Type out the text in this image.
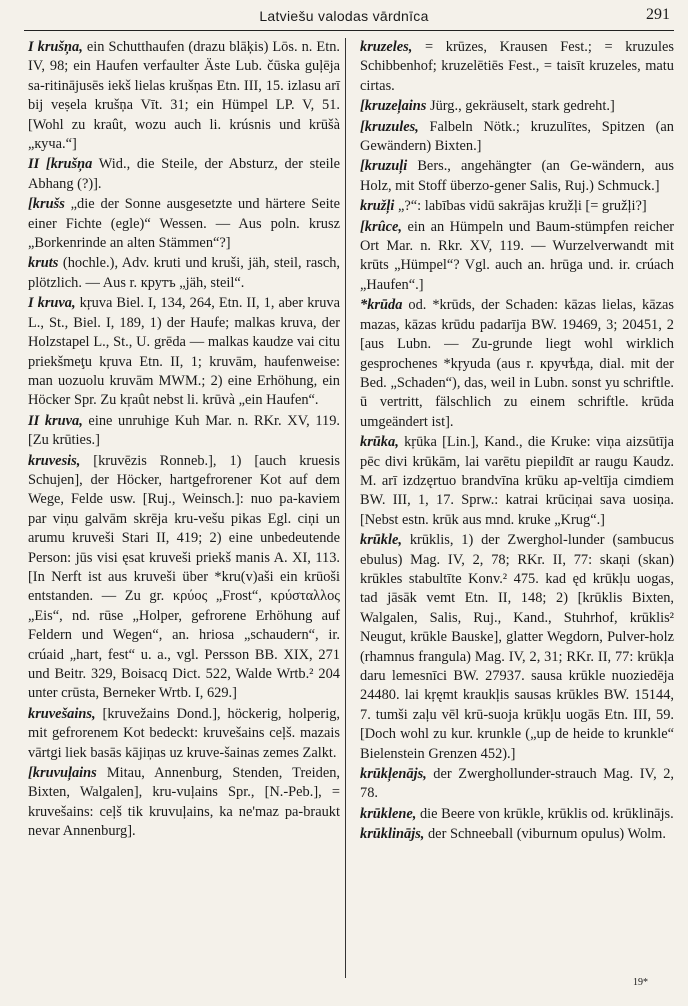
Latviešu valodas vārdnīca	291

I krušņa, ein Schutthaufen (drazu blāķis) Lōs. n. Etn. IV, 98; ein Haufen verfaulter Äste Lub. čūska guļēja sa-ritinājusēs iekš lielas krušņas Etn. III, 15. izlasu arī bij veṣela krušņa Vīt. 31; ein Hümpel LP. V, 51. [Wohl zu kraût, wozu auch li. krúsnis und krūšà „куча.“]

II [krušņa Wid., die Steile, der Absturz, der steile Abhang (?)].

[krušs „die der Sonne ausgesetzte und härtere Seite einer Fichte (egle)“ Wessen. — Aus poln. krusz „Borkenrinde an alten Stämmen“?]

kruts (hochle.), Adv. kruti und kruši, jäh, steil, rasch, plötzlich. — Aus r. крутъ „jäh, steil“.

I kruva, kŗuva Biel. I, 134, 264, Etn. II, 1, aber kruva L., St., Biel. I, 189, 1) der Haufe; malkas kruva, der Holzstapel L., St., U. grēda — malkas kaudze vai citu priekšmeţu kŗuva Etn. II, 1; kruvām, haufenweise: man uozuolu kruvām MWM.; 2) eine Erhöhung, ein Höcker Spr. Zu kŗaût nebst li. krūvà „ein Haufen“.

II kruva, eine unruhige Kuh Mar. n. RKr. XV, 119. [Zu krūties.]

kruvesis, [kruvēzis Ronneb.], 1) [auch kruesis Schujen], der Höcker, hartgefrorener Kot auf dem Wege, Felde usw. [Ruj., Weinsch.]: nuo pa-kaviem par viņu galvām skrēja kru-vešu pikas Egl. ciņi un arumu kruveši Stari II, 419; 2) eine unbedeutende Person: jūs visi ęsat kruveši priekš manis A. XI, 113. [In Nerft ist aus kruveši über *kru(v)aši ein krūoši entstanden. — Zu gr. κρύος „Frost“, κρύσταλλος „Eis“, nd. rūse „Holper, gefrorene Erhöhung auf Feldern und Wegen“, an. hriosa „schaudern“, ir. crúaid „hart, fest“ u. a., vgl. Persson BB. XIX, 271 und Beitr. 329, Boisacq Dict. 522, Walde Wrtb.² 204 unter crūsta, Berneker Wrtb. I, 629.]

kruvešains, [kruvežains Dond.], höckerig, holperig, mit gefrorenem Kot bedeckt: kruvešains ceļš. mazais vārtgi liek basās kājiņas uz kruve-šainas zemes Zalkt.

[kruvuļains Mitau, Annenburg, Stenden, Treiden, Bixten, Walgalen], kru-vuļains Spr., [N.-Peb.], = kruvešains: ceļš tik kruvuļains, ka ne'maz pa-braukt nevar Annenburg].

kruzeles, = krūzes, Krausen Fest.; = kruzules Schibbenhof; kruzelētiēs Fest., = taisīt kruzeles, matu cirtas.

[kruzeļains Jürg., gekräuselt, stark gedreht.]

[kruzules, Falbeln Nötk.; kruzulītes, Spitzen (an Gewändern) Bixten.]

[kruzuļi Bers., angehängter (an Ge-wändern, aus Holz, mit Stoff überzo-gener Salis, Ruj.) Schmuck.]

kružļi „?“: labības vidū sakrājas kružļi [= gružļi?]

[krûce, ein an Hümpeln und Baum-stümpfen reicher Ort Mar. n. Rkr. XV, 119. — Wurzelverwandt mit krūts „Hümpel“? Vgl. auch an. hrūga und. ir. crúach „Haufen“.]

*krūda od. *krūds, der Schaden: kāzas lielas, kāzas mazas, kāzas krūdu padarīja BW. 19469, 3; 20451, 2 [aus Lubn. — Zu-grunde liegt wohl wirklich gesprochenes *kŗyuda (aus r. кручѣда, dial. mit der Bed. „Schaden“), das, weil in Lubn. sonst yu schriftle. ū vertritt, fälschlich zu einem schriftle. krūda umgeändert ist].

krūka, kŗūka [Lin.], Kand., die Kruke: viņa aizsūtīja pēc divi krūkām, lai varētu piepildīt ar raugu Kaudz. M. arī izdzęrtuo brandvīna krūku ap-veltīja cimdiem BW. III, 1, 17. Sprw.: katrai krūciņai sava uosiņa. [Nebst estn. krūk aus mnd. kruke „Krug“.]

krūkle, krūklis, 1) der Zwerghol-lunder (sambucus ebulus) Mag. IV, 2, 78; RKr. II, 77: skaņi (skan) krūkles stabultīte Konv.² 475. kad ęd krūkļu uogas, tad jāsāk vemt Etn. II, 148; 2) [krūklis Bixten, Walgalen, Salis, Ruj., Kand., Stuhrhof, krūklis² Neugut, krūkle Bauske], glatter Wegdorn, Pulver-holz (rhamnus frangula) Mag. IV, 2, 31; RKr. II, 77: krūkļa daru lemesnīci BW. 27937. sausa krūkle nuoziedēja 24480. lai kŗęmt kraukļis sausas krūkles BW. 15144, 7. tumši zaļu vēl krū-suoja krūkļu uogās Etn. III, 59. [Doch wohl zu kur. krunkle („up de heide to krunkle“ Bielenstein Grenzen 452).]

krūkļenājs, der Zwerghollunder-strauch Mag. IV, 2, 78.

krūklene, die Beere von krūkle, krūklis od. krūklinājs.

krūklinājs, der Schneeball (viburnum opulus) Wolm.

19*
